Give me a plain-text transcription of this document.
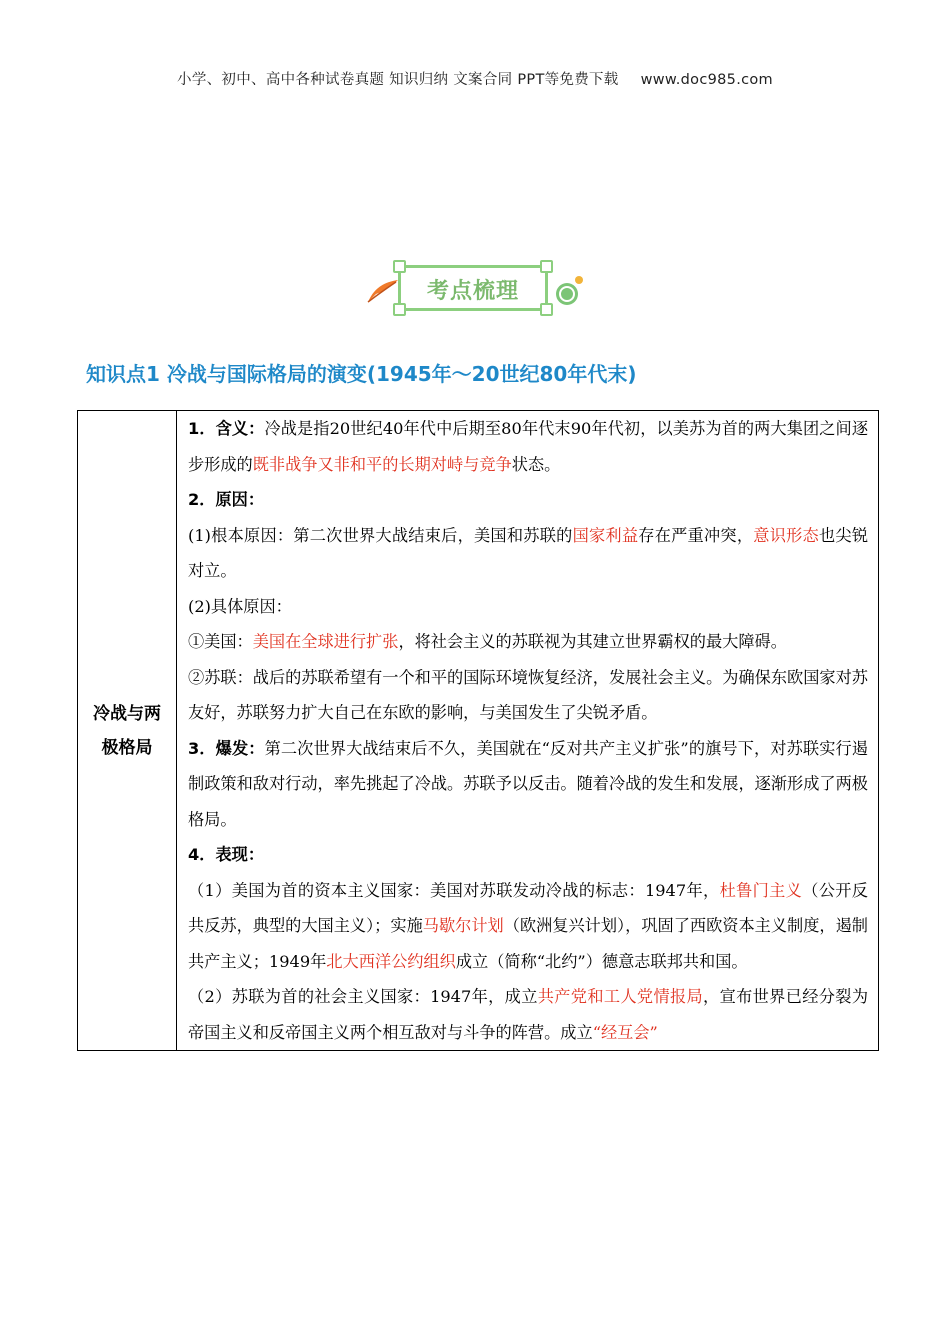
小学、初中、高中各种试卷真题 知识归纳 文案合同 PPT等免费下载 www.doc985.com
考点梳理
知识点1 冷战与国际格局的演变(1945年～20世纪80年代末)
冷战与两
极格局

1．含义：冷战是指20世纪40年代中后期至80年代末90年代初，以美苏为首的两大集团之间逐步形成的既非战争又非和平的长期对峙与竞争状态。

2．原因：

(1)根本原因：第二次世界大战结束后，美国和苏联的国家利益存在严重冲突，意识形态也尖锐对立。

(2)具体原因：

①美国：美国在全球进行扩张，将社会主义的苏联视为其建立世界霸权的最大障碍。

②苏联：战后的苏联希望有一个和平的国际环境恢复经济，发展社会主义。为确保东欧国家对苏友好，苏联努力扩大自己在东欧的影响，与美国发生了尖锐矛盾。

3．爆发：第二次世界大战结束后不久，美国就在“反对共产主义扩张”的旗号下，对苏联实行遏制政策和敌对行动，率先挑起了冷战。苏联予以反击。随着冷战的发生和发展，逐渐形成了两极格局。

4．表现：

（1）美国为首的资本主义国家：美国对苏联发动冷战的标志：1947年，杜鲁门主义（公开反共反苏，典型的大国主义）；实施马歇尔计划（欧洲复兴计划），巩固了西欧资本主义制度，遏制共产主义；1949年北大西洋公约组织成立（简称“北约”）德意志联邦共和国。

（2）苏联为首的社会主义国家：1947年，成立共产党和工人党情报局，宣布世界已经分裂为帝国主义和反帝国主义两个相互敌对与斗争的阵营。成立“经互会”
